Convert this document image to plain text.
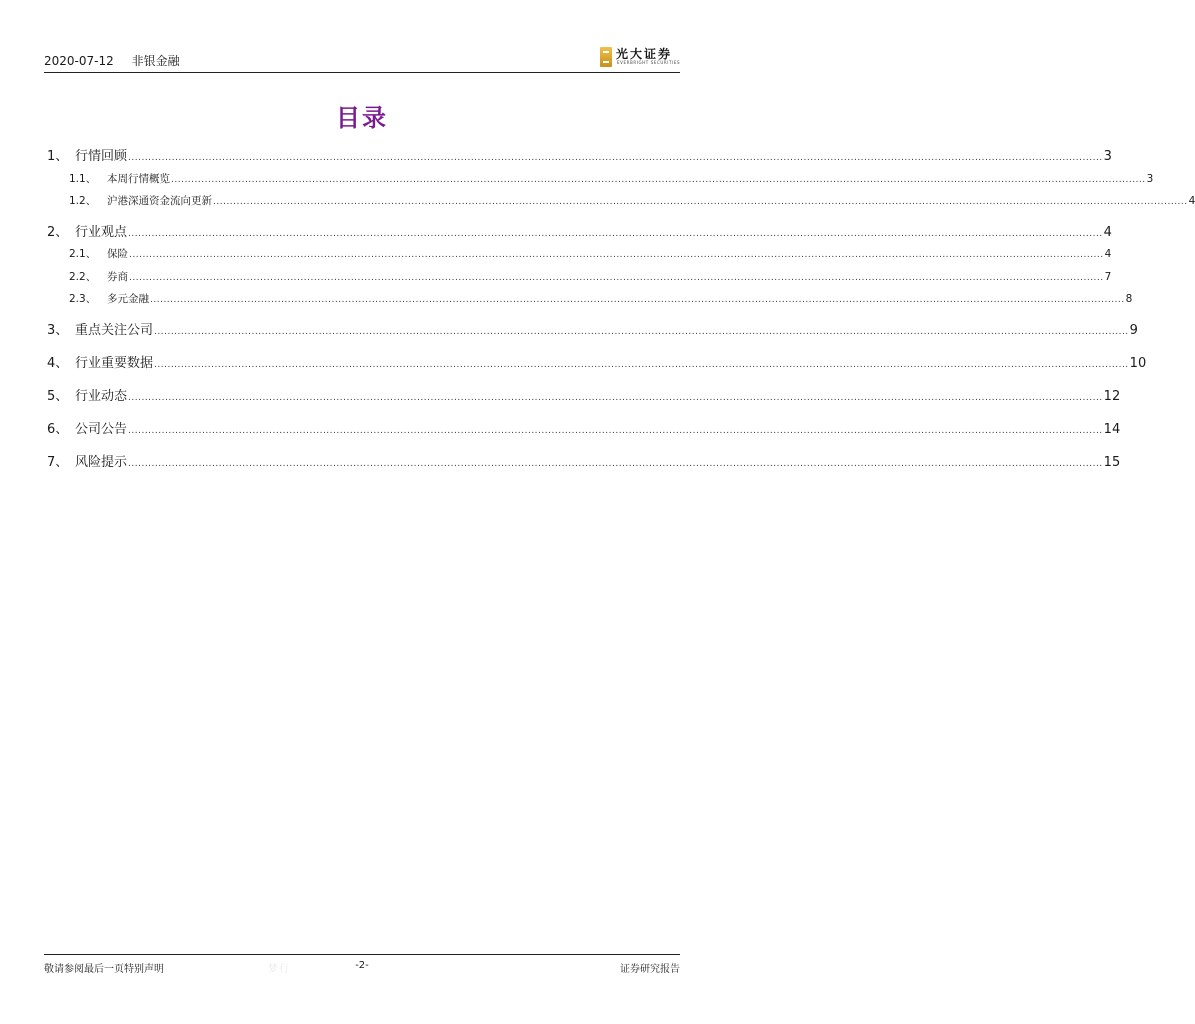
2020-07-12 非银金融	光大证券
EVERBRIGHT SECURITIES
目录
1、 行情回顾 .................................................................................................................................................................................................................................................................................................. 3
1.1、	本周行情概览 .................................................................................................................................................................................................................................................................................................. 3
1.2、	沪港深通资金流向更新 .................................................................................................................................................................................................................................................................................................. 4
2、 行业观点 .................................................................................................................................................................................................................................................................................................. 4
2.1、	保险 .................................................................................................................................................................................................................................................................................................. 4
2.2、	券商 .................................................................................................................................................................................................................................................................................................. 7
2.3、	多元金融 .................................................................................................................................................................................................................................................................................................. 8
3、 重点关注公司 .................................................................................................................................................................................................................................................................................................. 9
4、 行业重要数据 .................................................................................................................................................................................................................................................................................................. 10
5、 行业动态 .................................................................................................................................................................................................................................................................................................. 12
6、 公司公告 .................................................................................................................................................................................................................................................................................................. 14
7、 风险提示 .................................................................................................................................................................................................................................................................................................. 15
敬请参阅最后一页特别声明	梦行	-2-	证券研究报告
